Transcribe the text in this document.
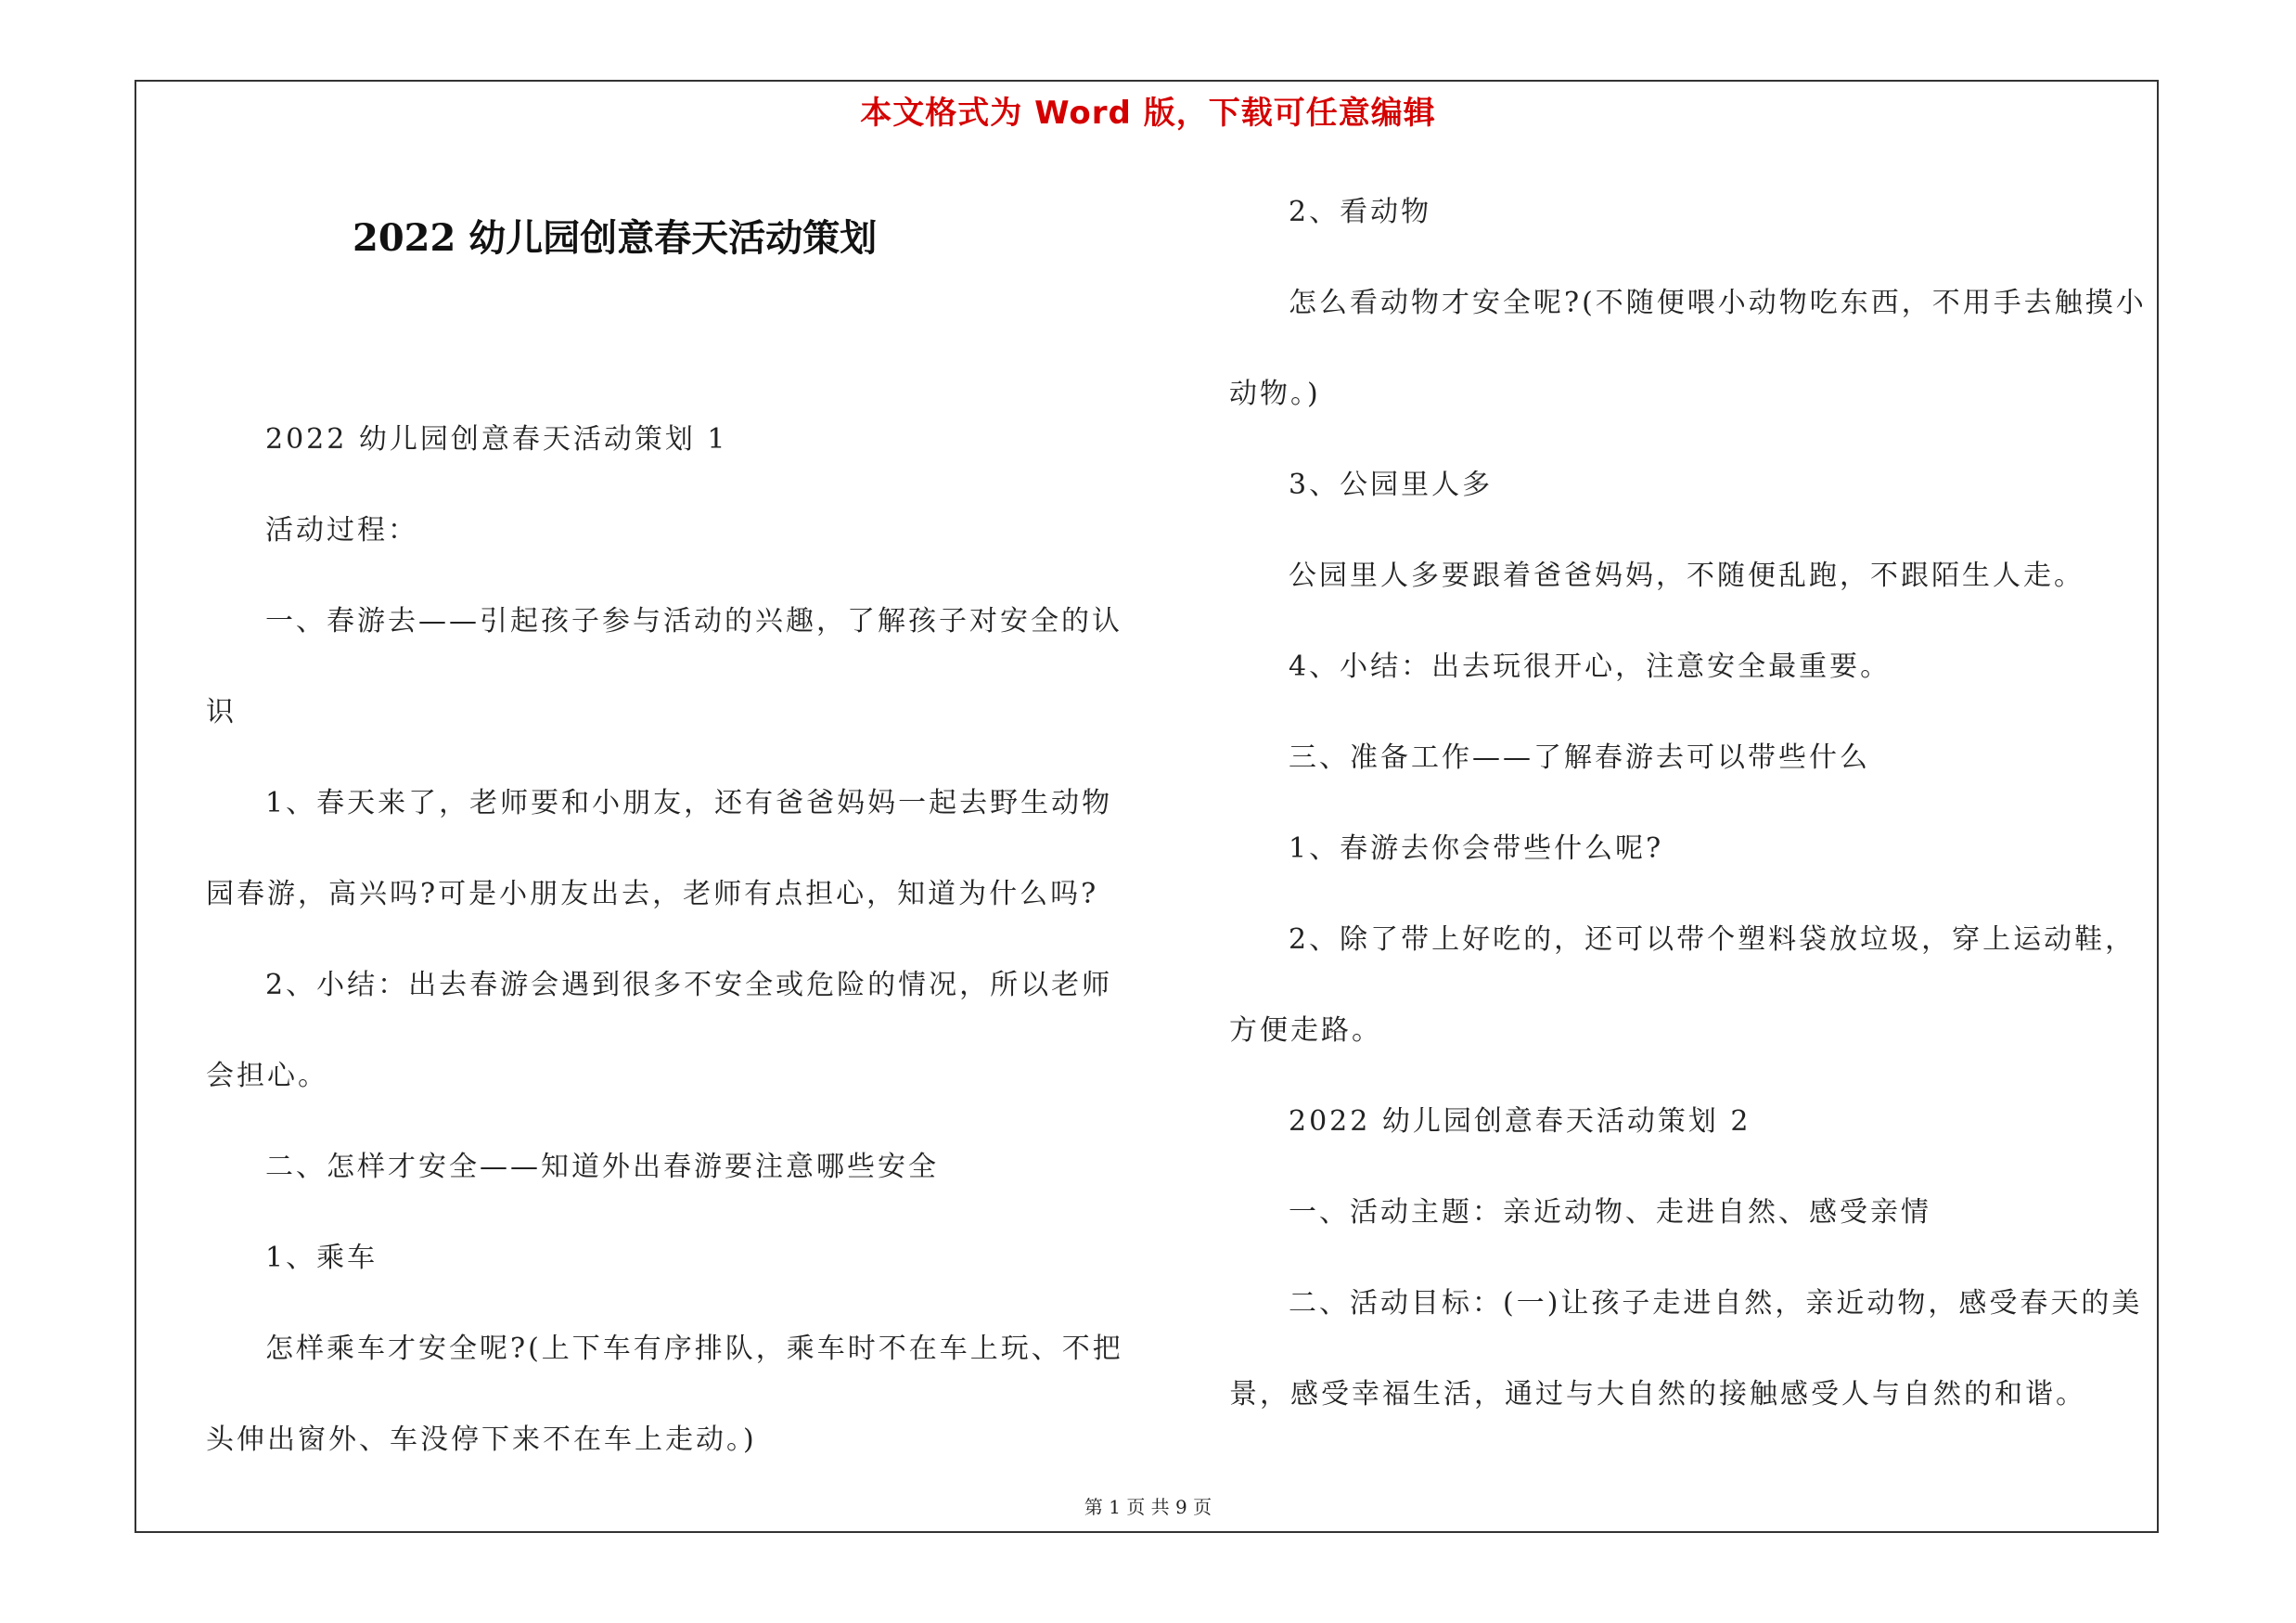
本文格式为 Word 版，下载可任意编辑
2022 幼儿园创意春天活动策划
2022 幼儿园创意春天活动策划 1
活动过程：
一、春游去——引起孩子参与活动的兴趣，了解孩子对安全的认
识
1、春天来了，老师要和小朋友，还有爸爸妈妈一起去野生动物
园春游，高兴吗?可是小朋友出去，老师有点担心，知道为什么吗?
2、小结：出去春游会遇到很多不安全或危险的情况，所以老师
会担心。
二、怎样才安全——知道外出春游要注意哪些安全
1、乘车
怎样乘车才安全呢?(上下车有序排队，乘车时不在车上玩、不把
头伸出窗外、车没停下来不在车上走动。)
2、看动物
怎么看动物才安全呢?(不随便喂小动物吃东西，不用手去触摸小
动物。)
3、公园里人多
公园里人多要跟着爸爸妈妈，不随便乱跑，不跟陌生人走。
4、小结：出去玩很开心，注意安全最重要。
三、准备工作——了解春游去可以带些什么
1、春游去你会带些什么呢?
2、除了带上好吃的，还可以带个塑料袋放垃圾，穿上运动鞋，
方便走路。
2022 幼儿园创意春天活动策划 2
一、活动主题：亲近动物、走进自然、感受亲情
二、活动目标：(一)让孩子走进自然，亲近动物，感受春天的美
景，感受幸福生活，通过与大自然的接触感受人与自然的和谐。
第 1 页 共 9 页
